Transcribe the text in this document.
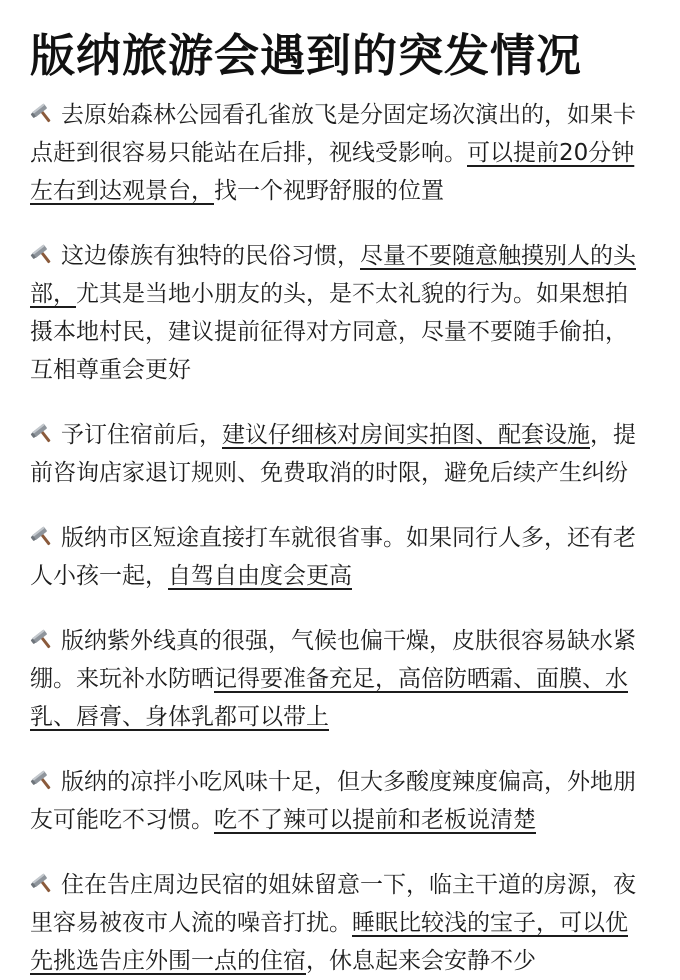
版纳旅游会遇到的突发情况

去原始森林公园看孔雀放飞是分固定场次演出的，如果卡点赶到很容易只能站在后排，视线受影响。可以提前20分钟左右到达观景台，找一个视野舒服的位置

这边傣族有独特的民俗习惯，尽量不要随意触摸别人的头部，尤其是当地小朋友的头，是不太礼貌的行为。如果想拍摄本地村民，建议提前征得对方同意，尽量不要随手偷拍，互相尊重会更好

予订住宿前后，建议仔细核对房间实拍图、配套设施，提前咨询店家退订规则、免费取消的时限，避免后续产生纠纷

版纳市区短途直接打车就很省事。如果同行人多，还有老人小孩一起，自驾自由度会更高

版纳紫外线真的很强，气候也偏干燥，皮肤很容易缺水紧绷。来玩补水防晒记得要准备充足，高倍防晒霜、面膜、水乳、唇膏、身体乳都可以带上

版纳的凉拌小吃风味十足，但大多酸度辣度偏高，外地朋友可能吃不习惯。吃不了辣可以提前和老板说清楚

住在告庄周边民宿的姐妹留意一下，临主干道的房源，夜里容易被夜市人流的噪音打扰。睡眠比较浅的宝子，可以优先挑选告庄外围一点的住宿，休息起来会安静不少
